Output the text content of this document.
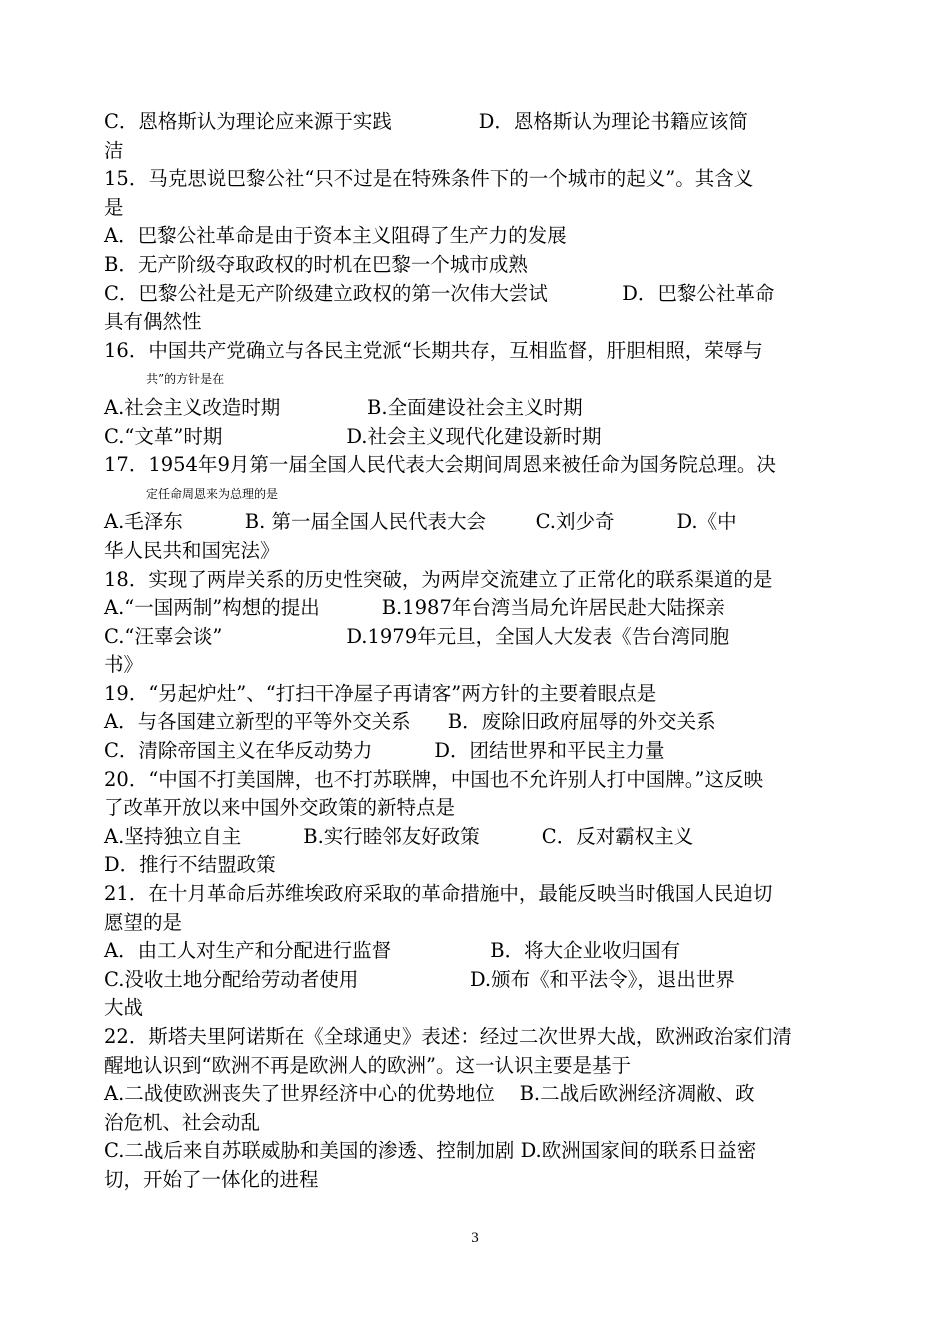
C．恩格斯认为理论应来源于实践              D．恩格斯认为理论书籍应该简
洁
15．马克思说巴黎公社“只不过是在特殊条件下的一个城市的起义”。其含义
是
A．巴黎公社革命是由于资本主义阻碍了生产力的发展
B．无产阶级夺取政权的时机在巴黎一个城市成熟
C．巴黎公社是无产阶级建立政权的第一次伟大尝试            D．巴黎公社革命
具有偶然性
16．中国共产党确立与各民主党派“长期共存，互相监督，肝胆相照，荣辱与
共”的方针是在
A.社会主义改造时期              B.全面建设社会主义时期
C.“文革”时期                    D.社会主义现代化建设新时期
17．1954年9月第一届全国人民代表大会期间周恩来被任命为国务院总理。决
定任命周恩来为总理的是
A.毛泽东          B. 第一届全国人民代表大会        C.刘少奇          D.《中
华人民共和国宪法》
18．实现了两岸关系的历史性突破，为两岸交流建立了正常化的联系渠道的是
A.“一国两制”构想的提出          B.1987年台湾当局允许居民赴大陆探亲
C.“汪辜会谈”                    D.1979年元旦，全国人大发表《告台湾同胞
书》
19．“另起炉灶”、“打扫干净屋子再请客”两方针的主要着眼点是
A．与各国建立新型的平等外交关系      B．废除旧政府屈辱的外交关系
C．清除帝国主义在华反动势力          D．团结世界和平民主力量
20．“中国不打美国牌，也不打苏联牌，中国也不允许别人打中国牌。”这反映
了改革开放以来中国外交政策的新特点是
A.坚持独立自主          B.实行睦邻友好政策          C．反对霸权主义
D．推行不结盟政策
21．在十月革命后苏维埃政府采取的革命措施中，最能反映当时俄国人民迫切
愿望的是
A．由工人对生产和分配进行监督                B．将大企业收归国有
C.没收土地分配给劳动者使用                  D.颁布《和平法令》，退出世界
大战
22．斯塔夫里阿诺斯在《全球通史》表述：经过二次世界大战，欧洲政治家们清
醒地认识到“欧洲不再是欧洲人的欧洲”。这一认识主要是基于
A.二战使欧洲丧失了世界经济中心的优势地位    B.二战后欧洲经济凋敝、政
治危机、社会动乱
C.二战后来自苏联威胁和美国的渗透、控制加剧 D.欧洲国家间的联系日益密
切，开始了一体化的进程
3
